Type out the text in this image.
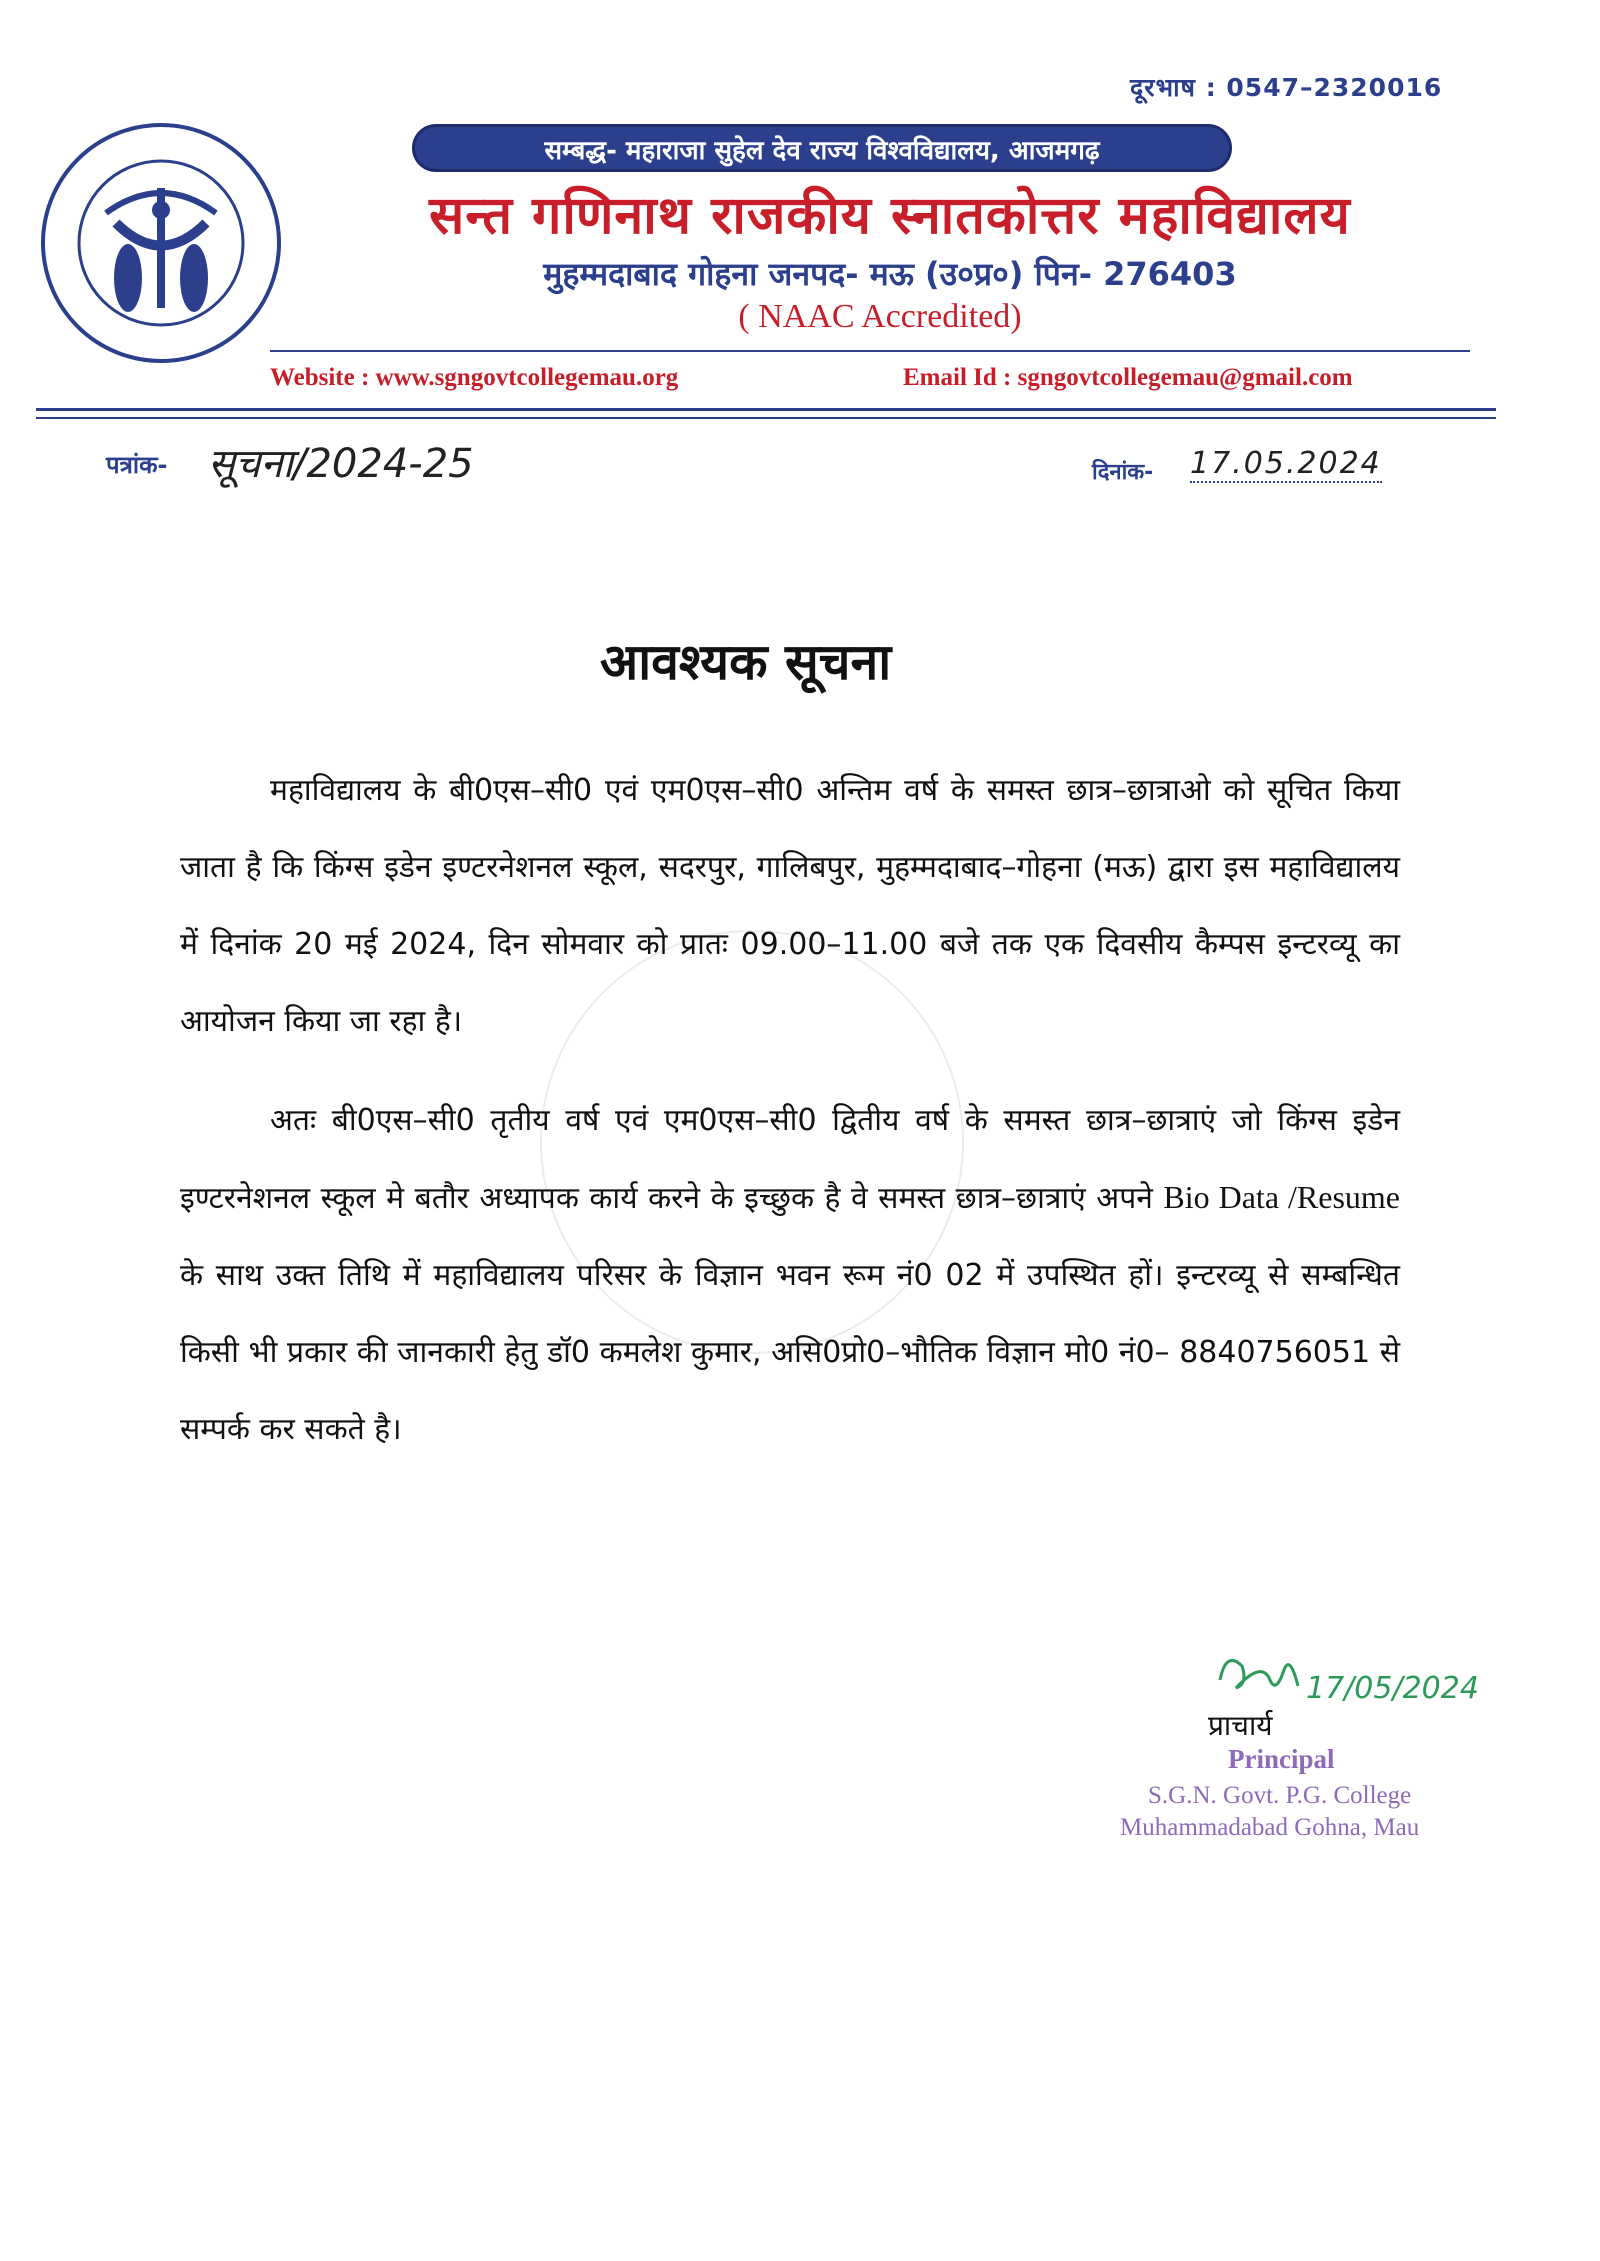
दूरभाष : 0547–2320016
सम्बद्ध- महाराजा सुहेल देव राज्य विश्वविद्यालय, आजमगढ़
सन्त गणिनाथ राजकीय स्नातकोत्तर महाविद्यालय
मुहम्मदाबाद गोहना जनपद- मऊ (उ०प्र०) पिन- 276403
( NAAC Accredited)
Website : www.sgngovtcollegemau.org	Email Id : sgngovtcollegemau@gmail.com
पत्रांक- सूचना/2024-25	दिनांक- 17.05.2024
आवश्यक सूचना
महाविद्यालय के बी0एस–सी0 एवं एम0एस–सी0 अन्तिम वर्ष के समस्त छात्र–छात्राओ को सूचित किया जाता है कि किंग्स इडेन इण्टरनेशनल स्कूल, सदरपुर, गालिबपुर, मुहम्मदाबाद–गोहना (मऊ) द्वारा इस महाविद्यालय में दिनांक 20 मई 2024, दिन सोमवार को प्रातः 09.00–11.00 बजे तक एक दिवसीय कैम्पस इन्टरव्यू का आयोजन किया जा रहा है।
अतः बी0एस–सी0 तृतीय वर्ष एवं एम0एस–सी0 द्वितीय वर्ष के समस्त छात्र–छात्राएं जो किंग्स इडेन इण्टरनेशनल स्कूल मे बतौर अध्यापक कार्य करने के इच्छुक है वे समस्त छात्र–छात्राएं अपने Bio Data /Resume के साथ उक्त तिथि में महाविद्यालय परिसर के विज्ञान भवन रूम नं0 02 में उपस्थित हों। इन्टरव्यू से सम्बन्धित किसी भी प्रकार की जानकारी हेतु डॉ0 कमलेश कुमार, असि0प्रो0–भौतिक विज्ञान मो0 नं0– 8840756051 से सम्पर्क कर सकते है।
17/05/2024
प्राचार्य
Principal
S.G.N. Govt. P.G. College
Muhammadabad Gohna, Mau
